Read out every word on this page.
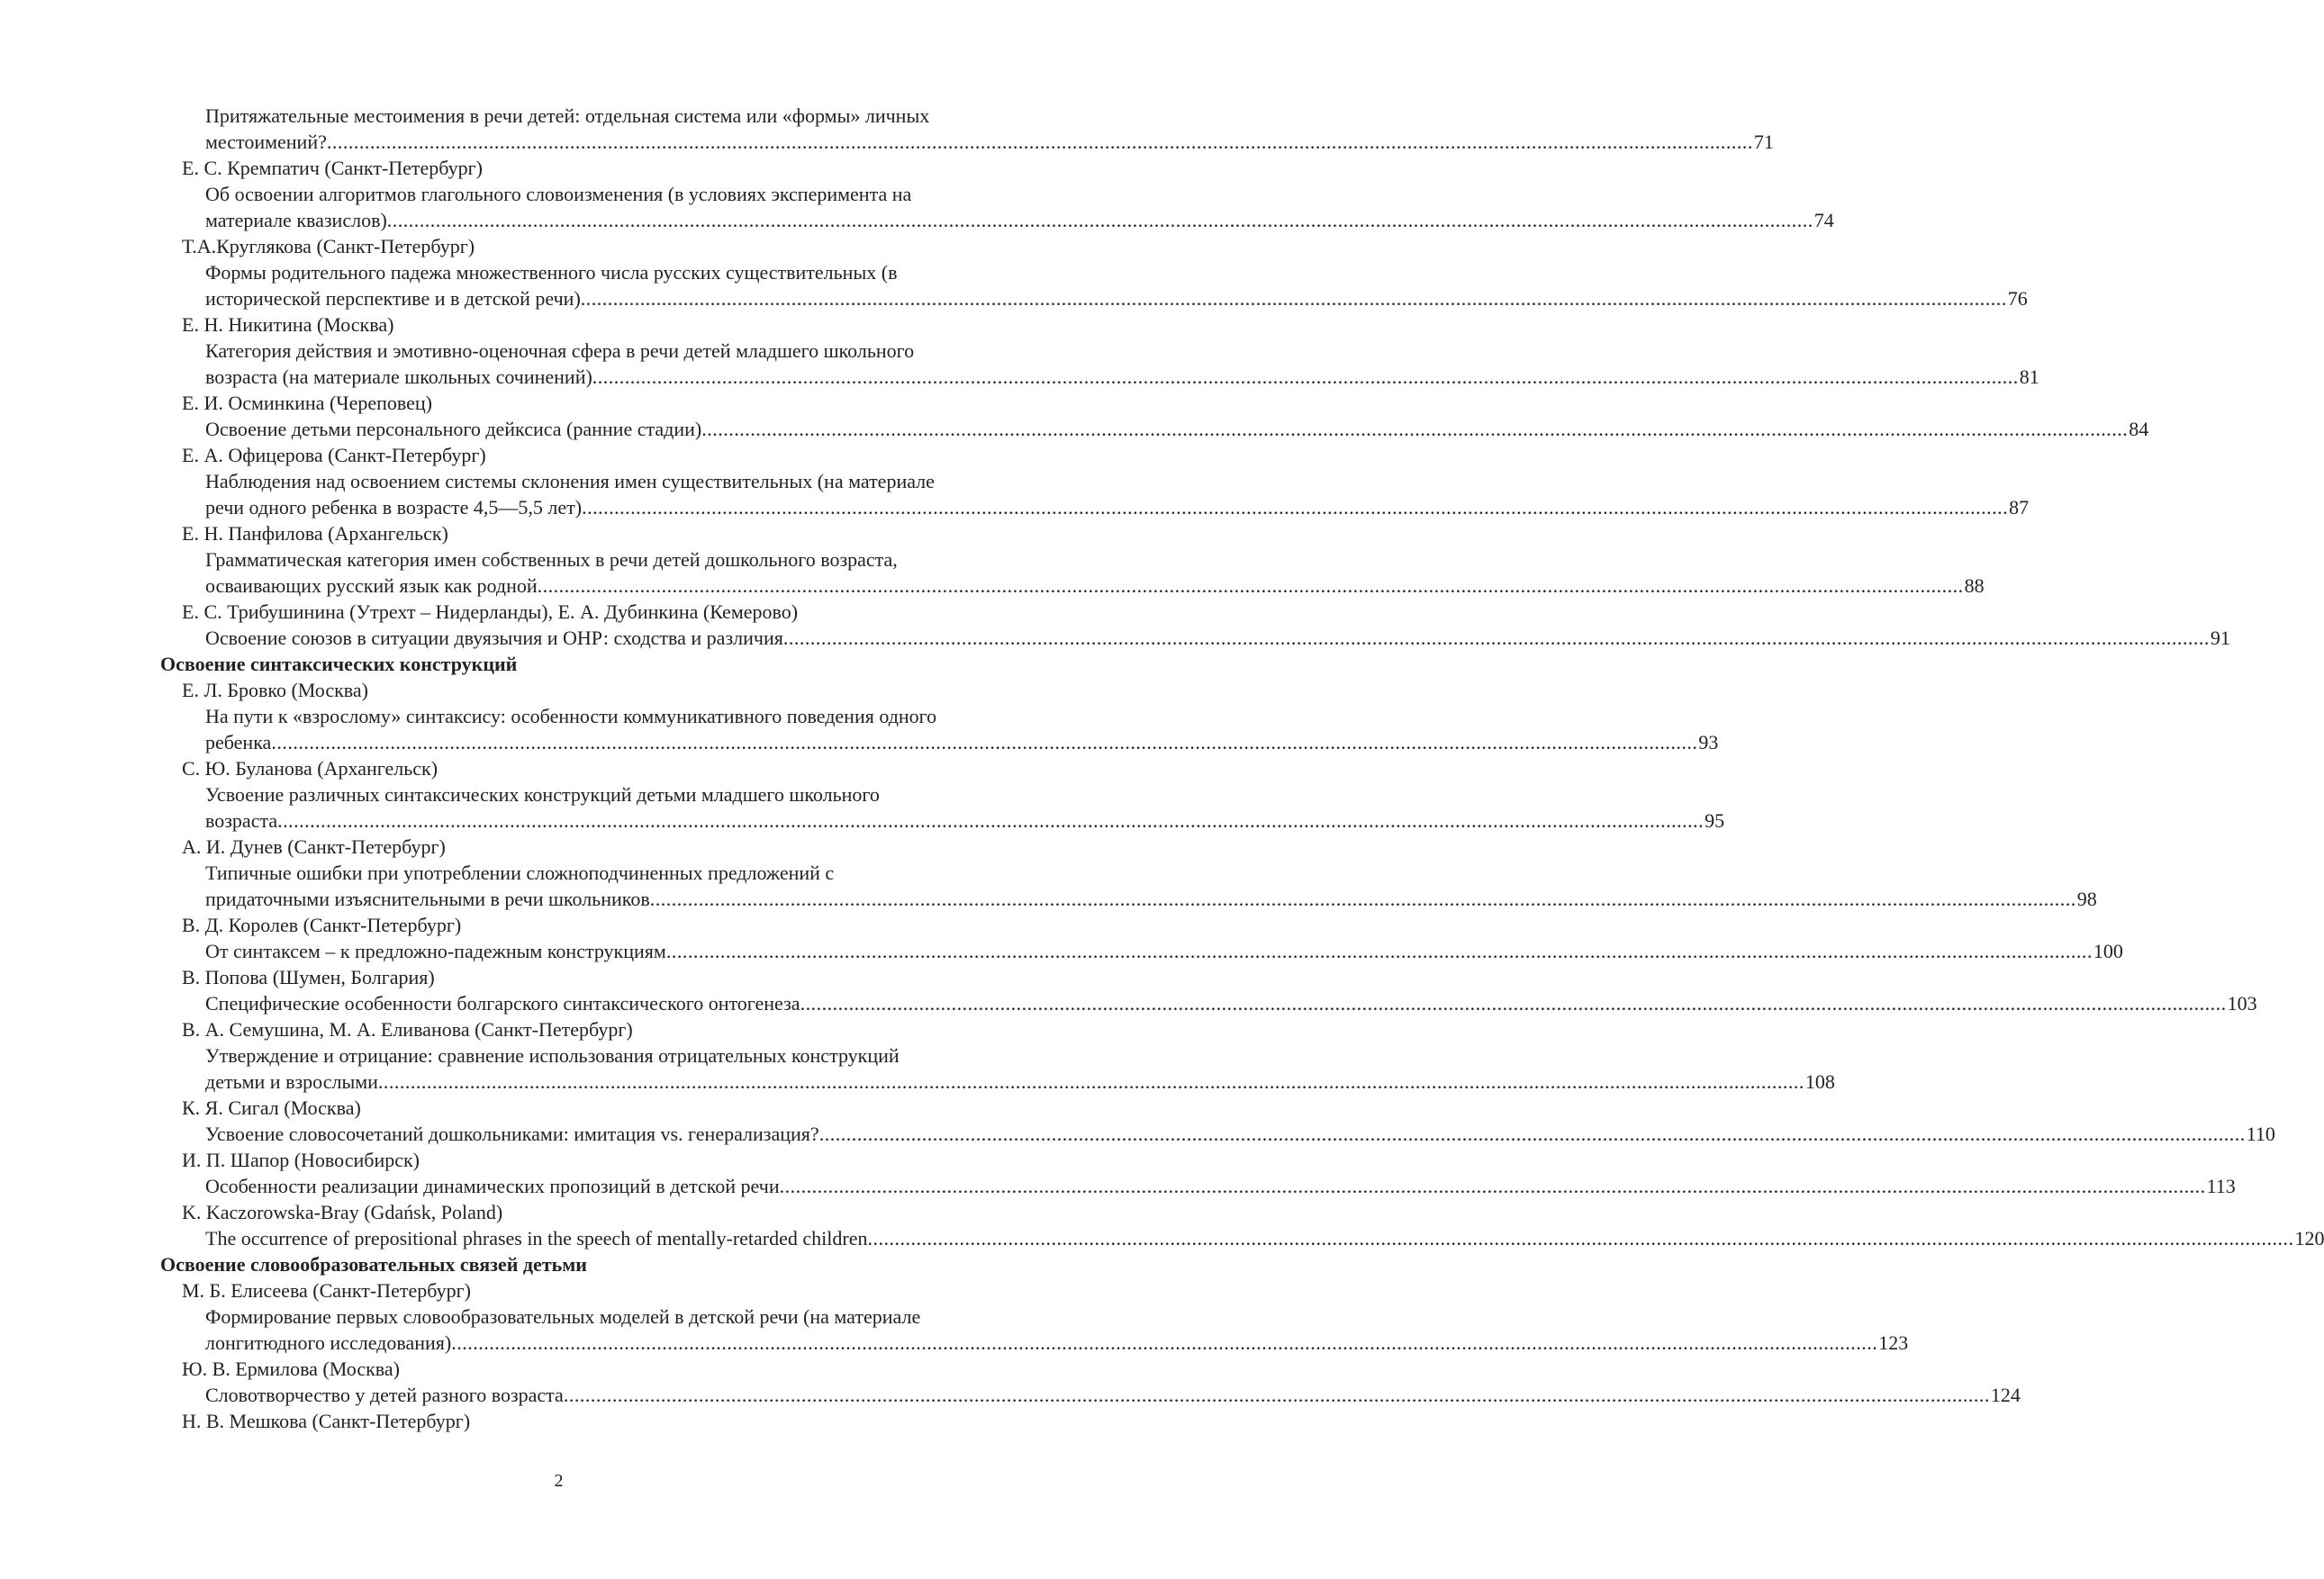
Притяжательные местоимения в речи детей: отдельная система или «формы» личных
местоимений? .....	71
Е. С. Кремпатич (Санкт-Петербург)
Об освоении алгоритмов глагольного словоизменения (в условиях эксперимента на
материале квазислов) .....	74
Т.А.Круглякова (Санкт-Петербург)
Формы родительного падежа множественного числа русских существительных (в
исторической перспективе и в детской речи) .....	76
Е. Н. Никитина (Москва)
Категория действия и эмотивно-оценочная сфера в речи детей младшего школьного
возраста (на материале школьных сочинений) .....	81
Е. И. Осминкина (Череповец)
Освоение детьми персонального дейксиса (ранние стадии) .....	84
Е. А. Офицерова (Санкт-Петербург)
Наблюдения над освоением системы склонения имен существительных (на материале
речи одного ребенка в возрасте 4,5—5,5 лет) .....	87
Е. Н. Панфилова (Архангельск)
Грамматическая категория имен собственных в речи детей дошкольного возраста,
осваивающих русский язык как родной .....	88
Е. С. Трибушинина (Утрехт – Нидерланды), Е. А. Дубинкина (Кемерово)
Освоение союзов в ситуации двуязычия и ОНР: сходства и различия .....	91
Освоение синтаксических конструкций
Е. Л. Бровко (Москва)
На пути к «взрослому» синтаксису: особенности коммуникативного поведения одного
ребенка .....	93
С. Ю. Буланова (Архангельск)
Усвоение различных синтаксических конструкций детьми младшего школьного
возраста .....	95
А. И. Дунев (Санкт-Петербург)
Типичные ошибки при употреблении сложноподчиненных предложений с
придаточными изъяснительными в речи школьников .....	98
В. Д. Королев (Санкт-Петербург)
От синтаксем – к предложно-падежным конструкциям .....	100
В. Попова (Шумен, Болгария)
Специфические особенности болгарского синтаксического онтогенеза .....	103
В. А. Семушина, М. А. Еливанова (Санкт-Петербург)
Утверждение и отрицание: сравнение использования отрицательных конструкций
детьми и взрослыми .....	108
К. Я. Сигал (Москва)
Усвоение словосочетаний дошкольниками: имитация vs. генерализация? .....	110
И. П. Шапор (Новосибирск)
Особенности реализации динамических пропозиций в детской речи .....	113
K. Kaczorowska-Bray (Gdańsk, Poland)
The occurrence of prepositional phrases in the speech of mentally-retarded children .....	120
Освоение словообразовательных связей детьми
М. Б. Елисеева (Санкт-Петербург)
Формирование первых словообразовательных моделей в детской речи (на материале
лонгитюдного исследования) .....	123
Ю. В. Ермилова (Москва)
Словотворчество у детей разного возраста .....	124
Н. В. Мешкова (Санкт-Петербург)
2
